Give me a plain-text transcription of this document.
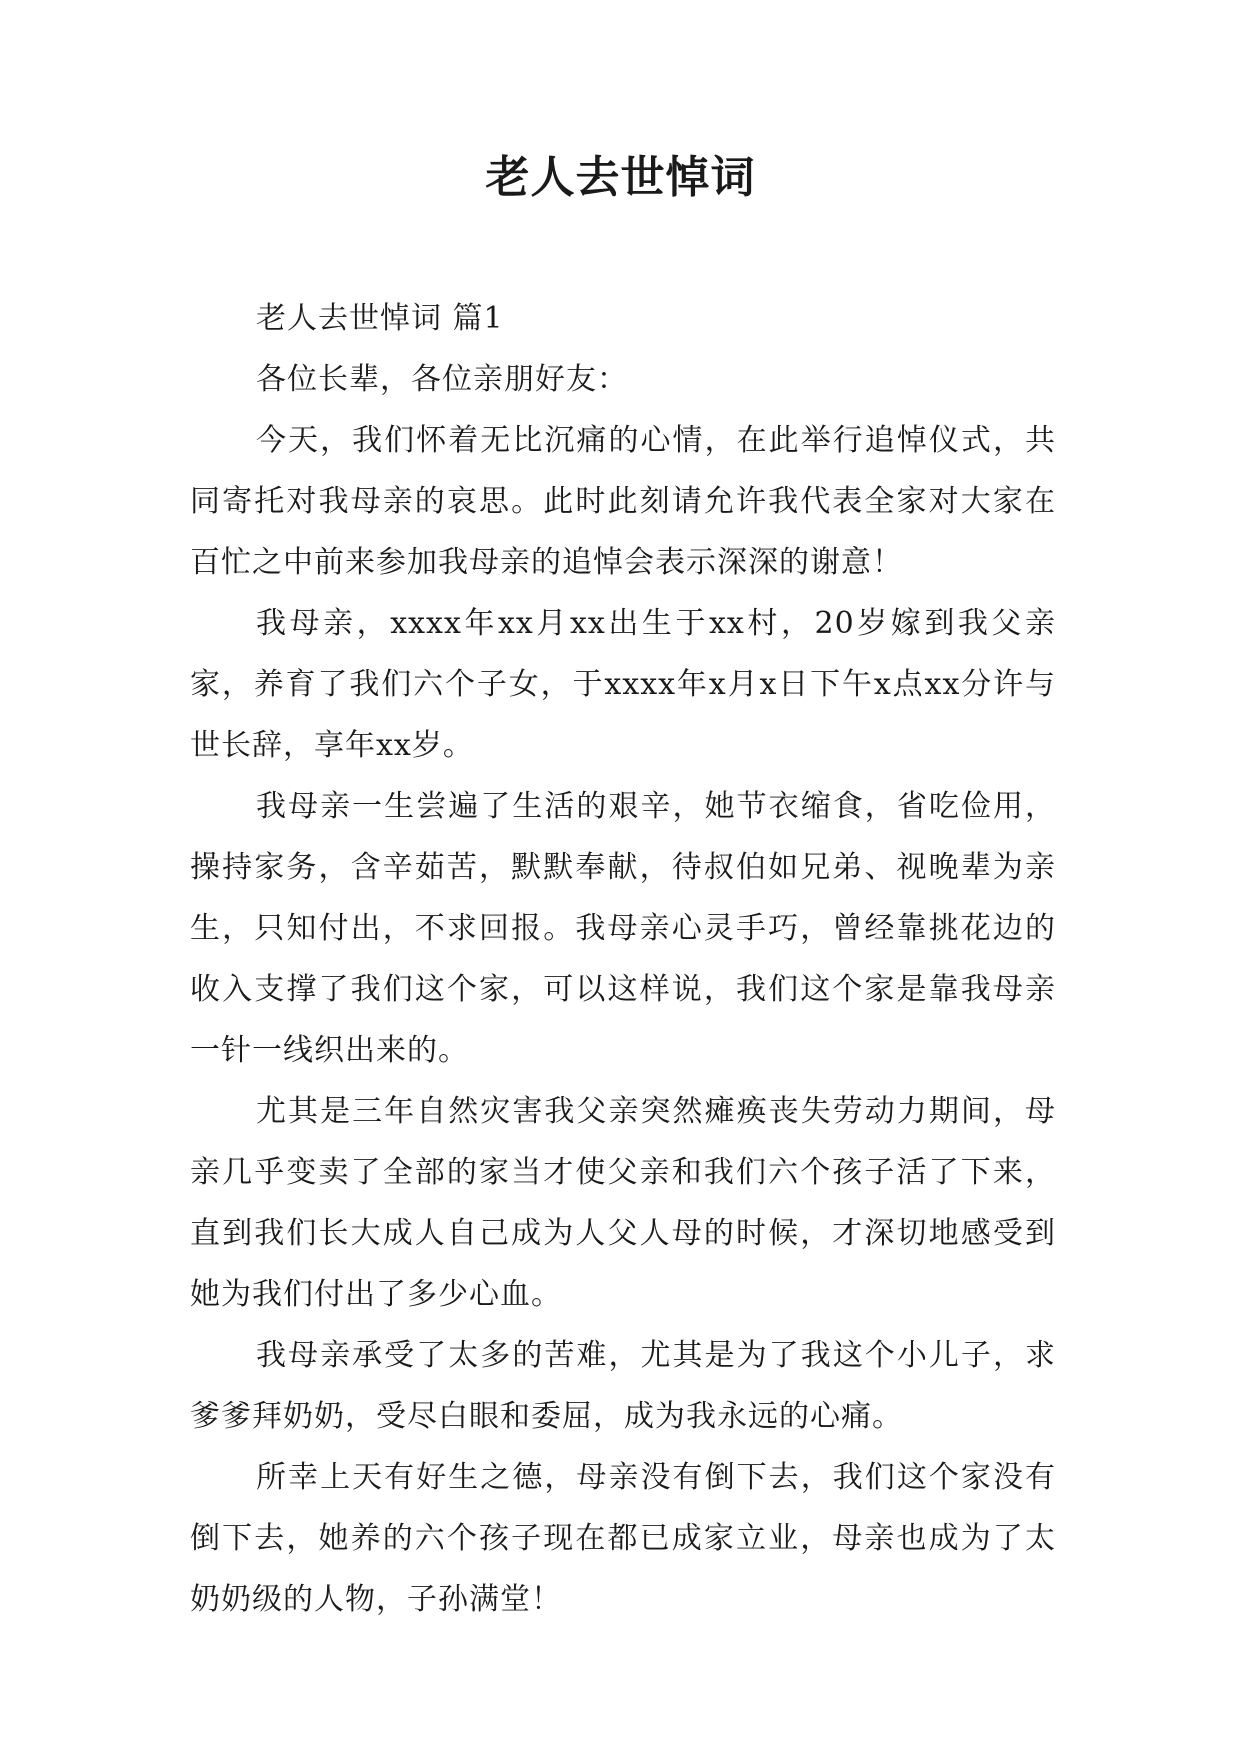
老人去世悼词

老人去世悼词 篇1

各位长辈，各位亲朋好友：

今天，我们怀着无比沉痛的心情，在此举行追悼仪式，共同寄托对我母亲的哀思。此时此刻请允许我代表全家对大家在百忙之中前来参加我母亲的追悼会表示深深的谢意！

我母亲，xxxx年xx月xx出生于xx村，20岁嫁到我父亲家，养育了我们六个子女，于xxxx年x月x日下午x点xx分许与世长辞，享年xx岁。

我母亲一生尝遍了生活的艰辛，她节衣缩食，省吃俭用，操持家务，含辛茹苦，默默奉献，待叔伯如兄弟、视晚辈为亲生，只知付出，不求回报。我母亲心灵手巧，曾经靠挑花边的收入支撑了我们这个家，可以这样说，我们这个家是靠我母亲一针一线织出来的。

尤其是三年自然灾害我父亲突然瘫痪丧失劳动力期间，母亲几乎变卖了全部的家当才使父亲和我们六个孩子活了下来，直到我们长大成人自己成为人父人母的时候，才深切地感受到她为我们付出了多少心血。

我母亲承受了太多的苦难，尤其是为了我这个小儿子，求爹爹拜奶奶，受尽白眼和委屈，成为我永远的心痛。

所幸上天有好生之德，母亲没有倒下去，我们这个家没有倒下去，她养的六个孩子现在都已成家立业，母亲也成为了太奶奶级的人物，子孙满堂！
